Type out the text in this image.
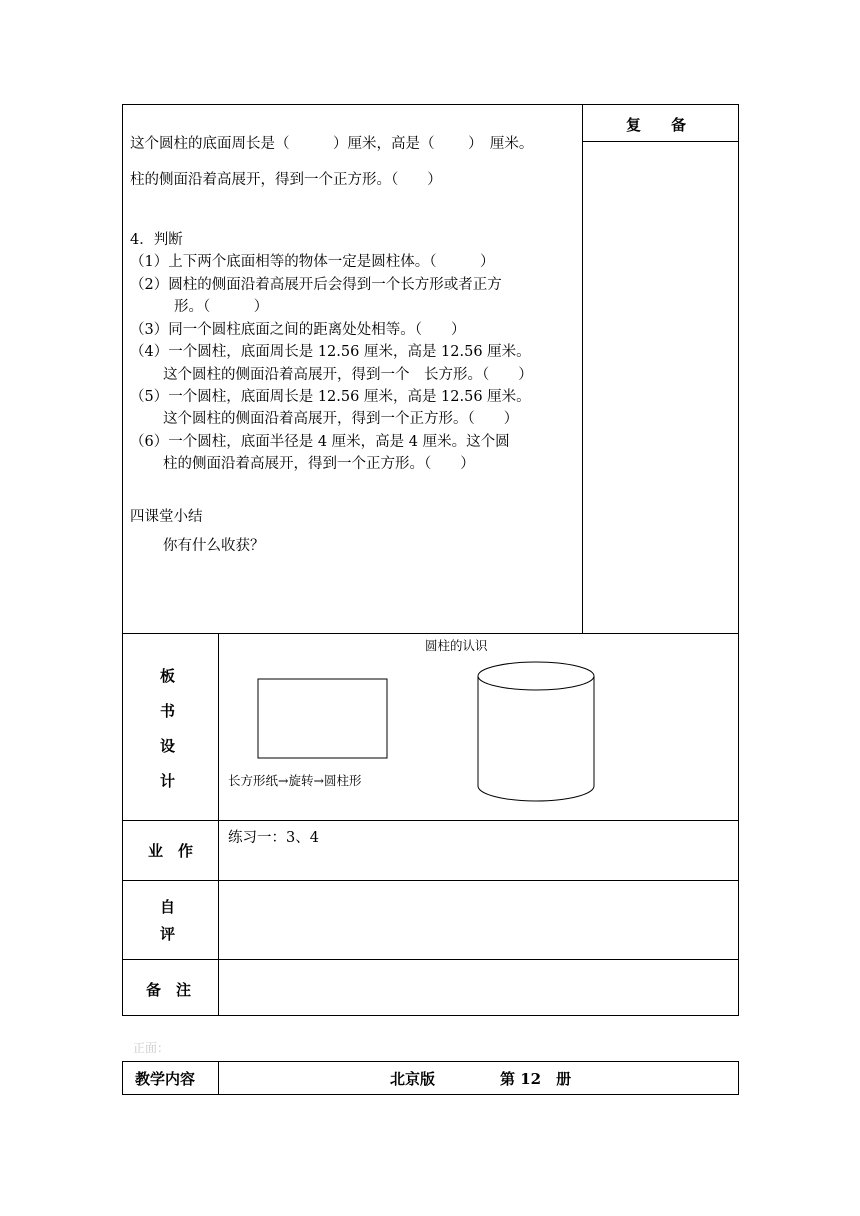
复　　备
这个圆柱的底面周长是（　　　）厘米，高是（　　 ）　厘米。
柱的侧面沿着高展开，得到一个正方形。（　　）
4．判断
（1）上下两个底面相等的物体一定是圆柱体。（　　　）
（2）圆柱的侧面沿着高展开后会得到一个长方形或者正方
形。（　　　）
（3）同一个圆柱底面之间的距离处处相等。（　　）
（4）一个圆柱，底面周长是 12.56 厘米，高是 12.56 厘米。
这个圆柱的侧面沿着高展开，得到一个　长方形。（　　）
（5）一个圆柱，底面周长是 12.56 厘米，高是 12.56 厘米。
这个圆柱的侧面沿着高展开，得到一个正方形。（　　）
（6）一个圆柱，底面半径是 4 厘米，高是 4 厘米。这个圆
柱的侧面沿着高展开，得到一个正方形。（　　）
四课堂小结
你有什么收获？
板
书
设
计
圆柱的认识
长方形纸→旋转→圆柱形
业　作
练习一：3、4
自
评
备　注
正面：
教学内容	北京版	第 12　册
